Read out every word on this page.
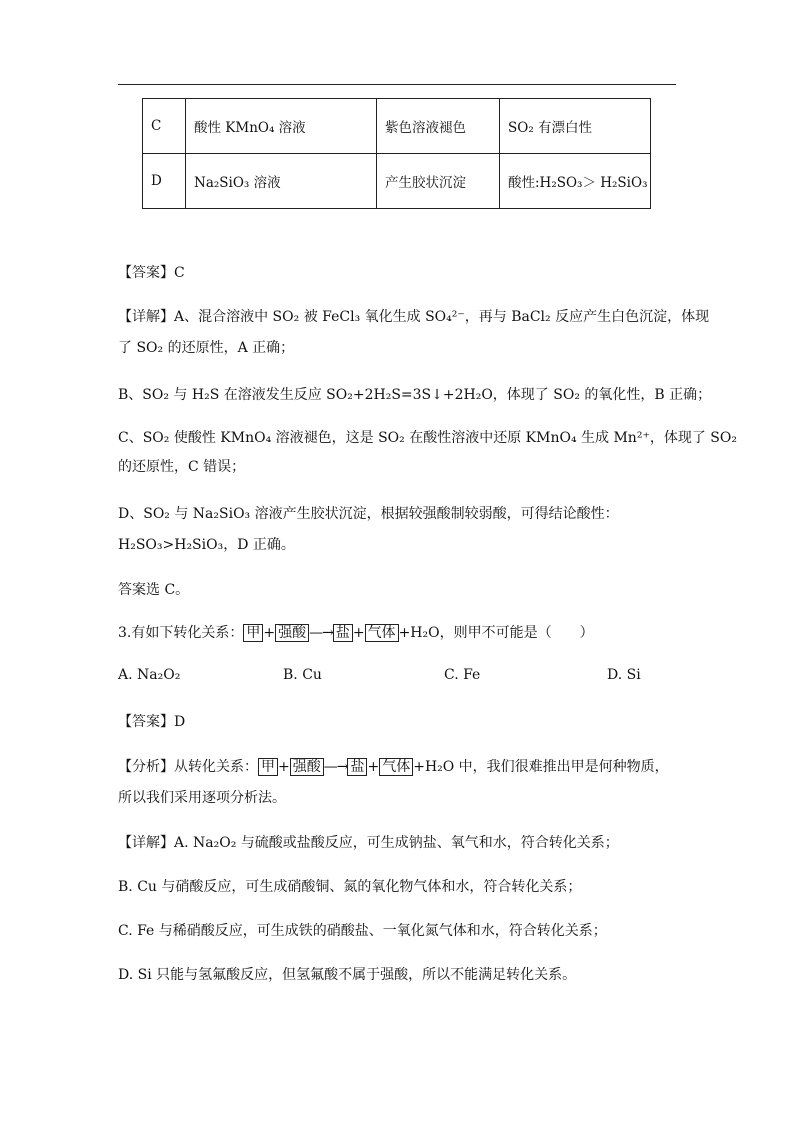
C	酸性 KMnO₄ 溶液	紫色溶液褪色	SO₂ 有漂白性
D	Na₂SiO₃ 溶液	产生胶状沉淀	酸性:H₂SO₃＞ H₂SiO₃
【答案】C
【详解】A、混合溶液中 SO₂ 被 FeCl₃ 氧化生成 SO₄²⁻，再与 BaCl₂ 反应产生白色沉淀，体现
了 SO₂ 的还原性，A 正确；
B、SO₂ 与 H₂S 在溶液发生反应 SO₂+2H₂S=3S↓+2H₂O，体现了 SO₂ 的氧化性，B 正确；
C、SO₂ 使酸性 KMnO₄ 溶液褪色，这是 SO₂ 在酸性溶液中还原 KMnO₄ 生成 Mn²⁺，体现了 SO₂
的还原性，C 错误；
D、SO₂ 与 Na₂SiO₃ 溶液产生胶状沉淀，根据较强酸制较弱酸，可得结论酸性：
H₂SO₃>H₂SiO₃，D 正确。
答案选 C。
3.有如下转化关系： 甲 + 强酸 —→ 盐 + 气体 +H₂O，则甲不可能是（　　）
A. Na₂O₂	B. Cu	C. Fe	D. Si
【答案】D
【分析】从转化关系： 甲 + 强酸 —→ 盐 + 气体 +H₂O 中，我们很难推出甲是何种物质，
所以我们采用逐项分析法。
【详解】A. Na₂O₂ 与硫酸或盐酸反应，可生成钠盐、氧气和水，符合转化关系；
B. Cu 与硝酸反应，可生成硝酸铜、氮的氧化物气体和水，符合转化关系；
C. Fe 与稀硝酸反应，可生成铁的硝酸盐、一氧化氮气体和水，符合转化关系；
D. Si 只能与氢氟酸反应，但氢氟酸不属于强酸，所以不能满足转化关系。
